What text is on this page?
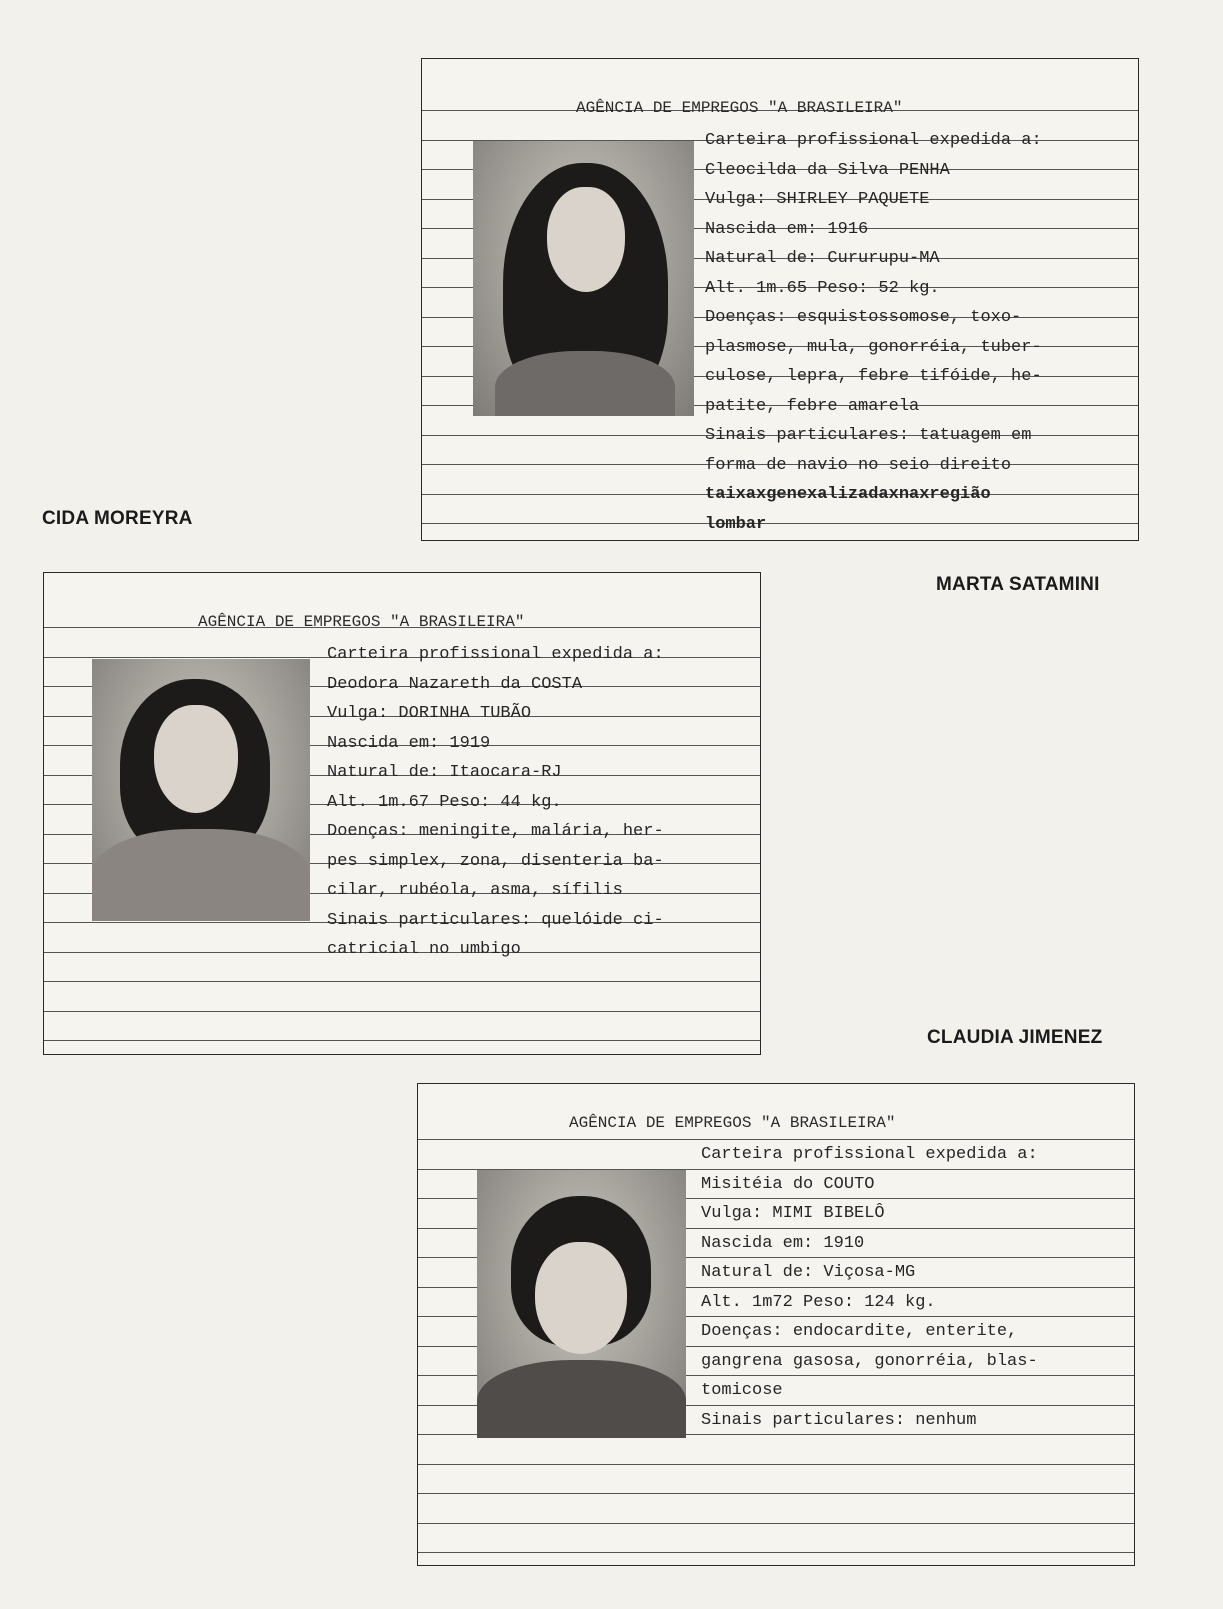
CIDA MOREYRA
MARTA SATAMINI
CLAUDIA JIMENEZ
AGÊNCIA DE EMPREGOS "A BRASILEIRA"
Carteira profissional expedida a:
Cleocilda da Silva PENHA
Vulga: SHIRLEY PAQUETE
Nascida em: 1916
Natural de: Cururupu-MA
Alt. 1m.65 Peso: 52 kg.
Doenças: esquistossomose, toxo-
plasmose, mula, gonorréia, tuber-
culose, lepra, febre tifóide, he-
patite, febre amarela
Sinais particulares: tatuagem em
forma de navio no seio direito
taixaxgenexalizadaxnaxregião
lombar
AGÊNCIA DE EMPREGOS "A BRASILEIRA"
Carteira profissional expedida a:
Deodora Nazareth da COSTA
Vulga: DORINHA TUBÃO
Nascida em: 1919
Natural de: Itaocara-RJ
Alt. 1m.67 Peso: 44 kg.
Doenças: meningite, malária, her-
pes simplex, zona, disenteria ba-
cilar, rubéola, asma, sífilis
Sinais particulares: quelóide ci-
catricial no umbigo
AGÊNCIA DE EMPREGOS "A BRASILEIRA"
Carteira profissional expedida a:
Misitéia do COUTO
Vulga: MIMI BIBELÔ
Nascida em: 1910
Natural de: Viçosa-MG
Alt. 1m72 Peso: 124 kg.
Doenças: endocardite, enterite,
gangrena gasosa, gonorréia, blas-
tomicose
Sinais particulares: nenhum
